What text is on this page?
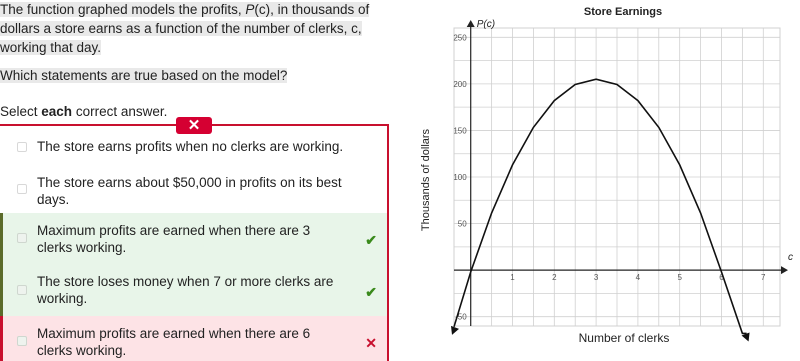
The function graphed models the profits, P(c), in thousands of dollars a store earns as a function of the number of clerks, c, working that day.
Which statements are true based on the model?
Select each correct answer.
✕
The store earns profits when no clerks are working.
The store earns about $50,000 in profits on its best days.
Maximum profits are earned when there are 3 clerks working.	✔
The store loses money when 7 or more clerks are working.	✔
Maximum profits are earned when there are 6 clerks working.	✕
Store Earnings
Number of clerks
Thousands of dollars
P(c)
c
1	2	3	4	5	6	7
-50
50
100
150
200
250
